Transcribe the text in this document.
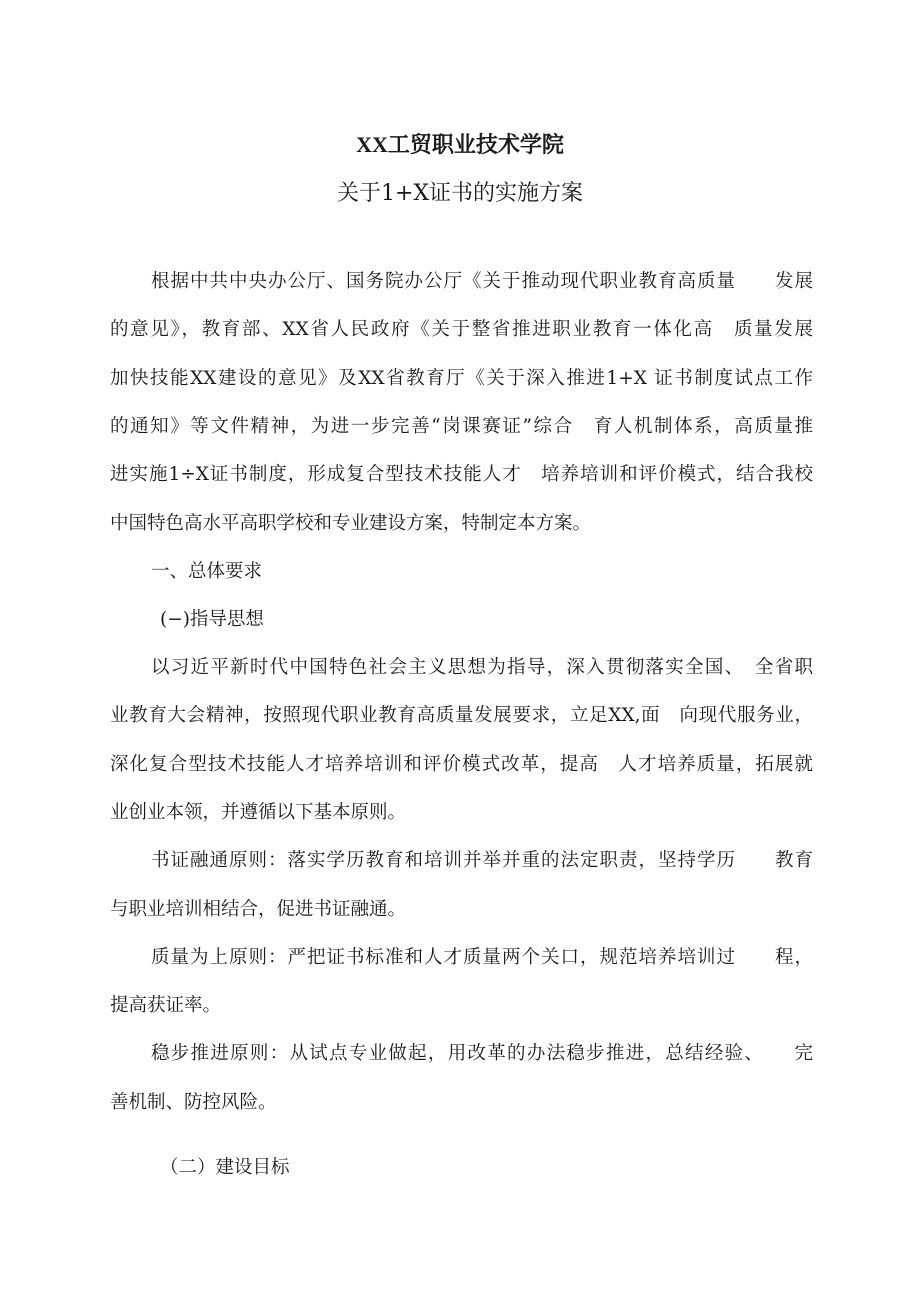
XX工贸职业技术学院
关于1+X证书的实施方案
根据中共中央办公厅、国务院办公厅《关于推动现代职业教育高质量　　发展
的意见》，教育部、XX省人民政府《关于整省推进职业教育一体化高　质量发展
加快技能XX建设的意见》及XX省教育厅《关于深入推进1+X 证书制度试点工作
的通知》等文件精神，为进一步完善“岗课赛证”综合　育人机制体系，高质量推
进实施1÷X证书制度，形成复合型技术技能人才　培养培训和评价模式，结合我校
中国特色高水平高职学校和专业建设方案，特制定本方案。
一、总体要求
(−)指导思想
以习近平新时代中国特色社会主义思想为指导，深入贯彻落实全国、　全省职
业教育大会精神，按照现代职业教育高质量发展要求，立足XX,面　向现代服务业，
深化复合型技术技能人才培养培训和评价模式改革，提高　人才培养质量，拓展就
业创业本领，并遵循以下基本原则。
书证融通原则：落实学历教育和培训并举并重的法定职责，坚持学历　　教育
与职业培训相结合，促进书证融通。
质量为上原则：严把证书标准和人才质量两个关口，规范培养培训过　　程，
提高获证率。
稳步推进原则：从试点专业做起，用改革的办法稳步推进，总结经验、　　完
善机制、防控风险。
（二）建设目标
